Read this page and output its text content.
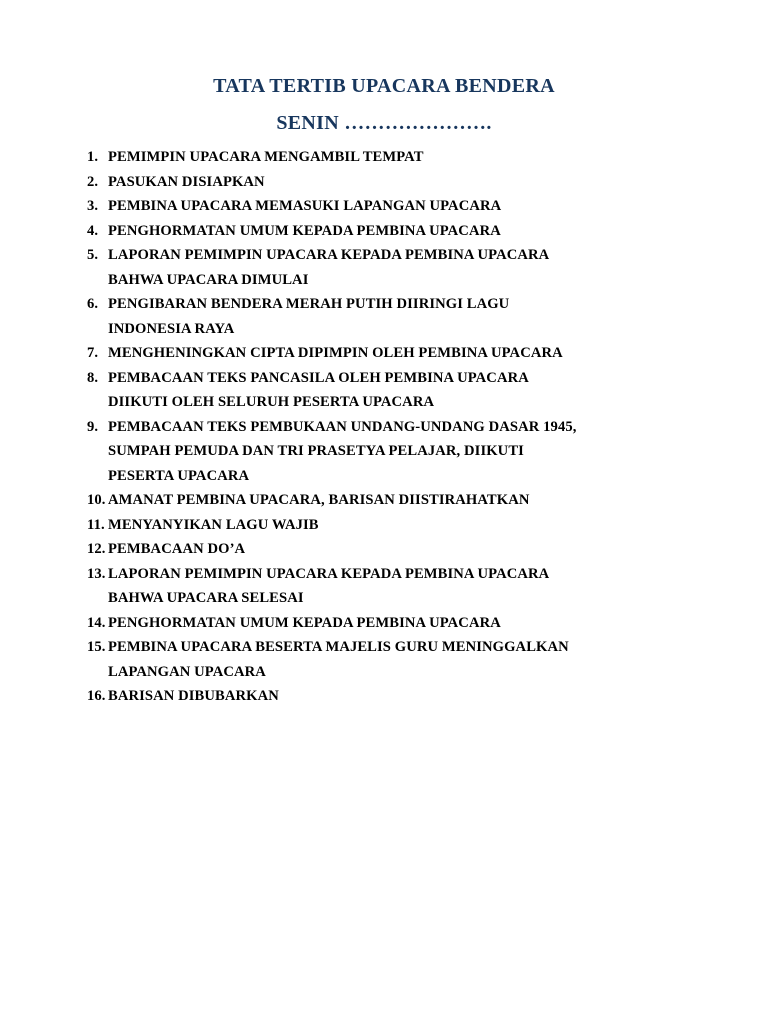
TATA TERTIB UPACARA BENDERA
SENIN ………………….
1. PEMIMPIN UPACARA MENGAMBIL TEMPAT
2. PASUKAN DISIAPKAN
3. PEMBINA UPACARA MEMASUKI LAPANGAN UPACARA
4. PENGHORMATAN UMUM KEPADA PEMBINA UPACARA
5. LAPORAN PEMIMPIN UPACARA KEPADA PEMBINA UPACARA
BAHWA UPACARA DIMULAI
6. PENGIBARAN BENDERA MERAH PUTIH DIIRINGI LAGU
INDONESIA RAYA
7. MENGHENINGKAN CIPTA DIPIMPIN OLEH PEMBINA UPACARA
8. PEMBACAAN TEKS PANCASILA OLEH PEMBINA UPACARA
DIIKUTI OLEH SELURUH PESERTA UPACARA
9. PEMBACAAN TEKS PEMBUKAAN UNDANG-UNDANG DASAR 1945,
SUMPAH PEMUDA DAN TRI PRASETYA PELAJAR, DIIKUTI
PESERTA UPACARA
10. AMANAT PEMBINA UPACARA, BARISAN DIISTIRAHATKAN
11. MENYANYIKAN LAGU WAJIB
12. PEMBACAAN DO’A
13. LAPORAN PEMIMPIN UPACARA KEPADA PEMBINA UPACARA
BAHWA UPACARA SELESAI
14. PENGHORMATAN UMUM KEPADA PEMBINA UPACARA
15. PEMBINA UPACARA BESERTA MAJELIS GURU MENINGGALKAN
LAPANGAN UPACARA
16. BARISAN DIBUBARKAN
